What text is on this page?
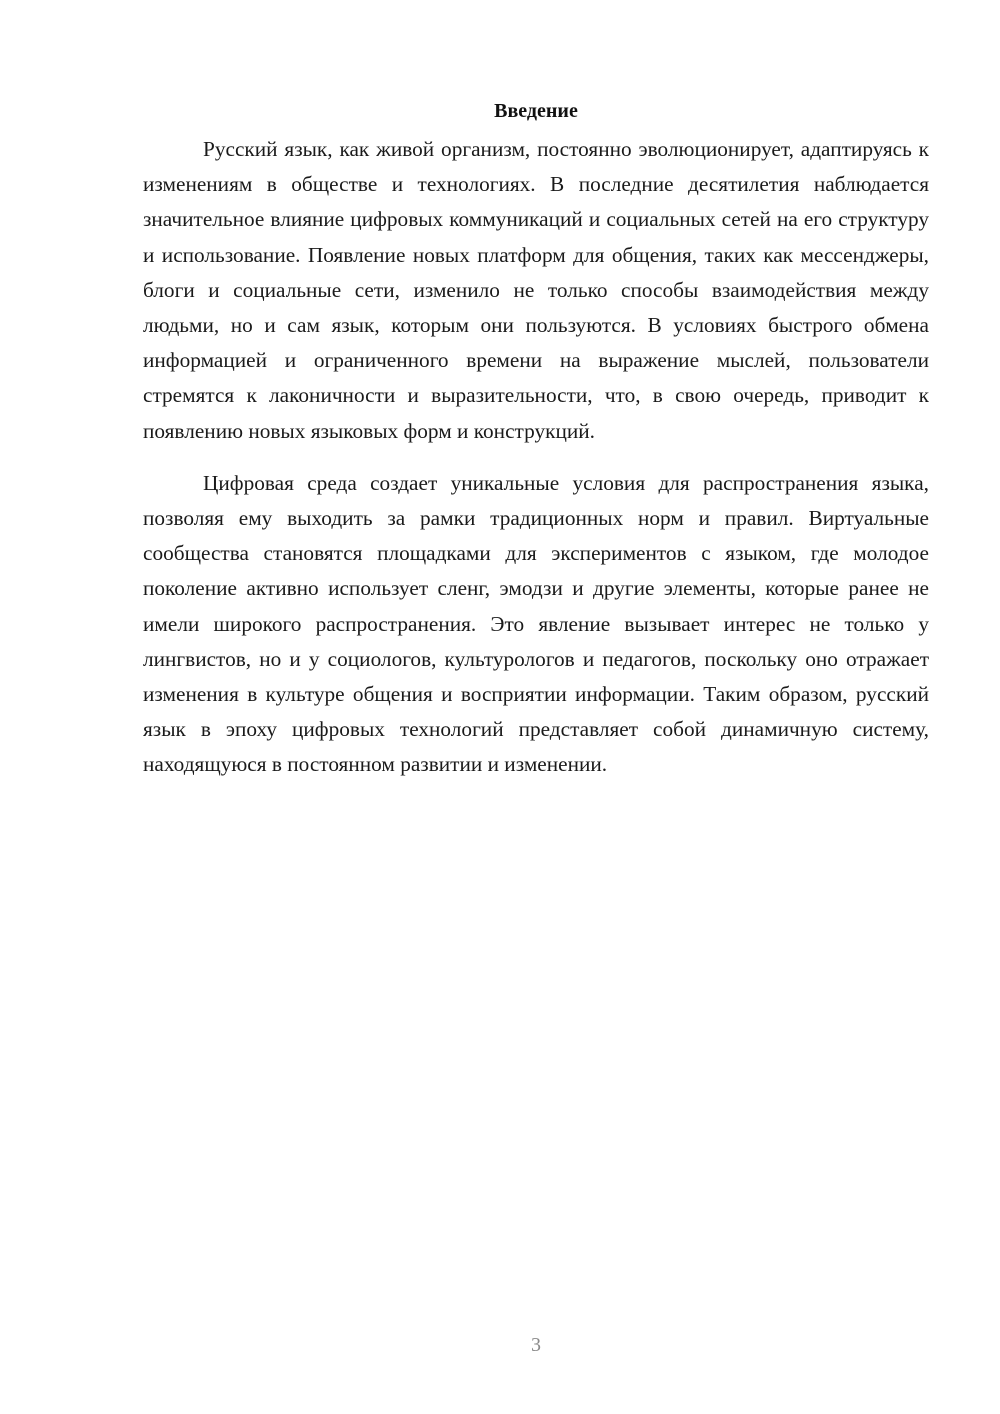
Введение

Русский язык, как живой организм, постоянно эволюционирует, адаптируясь к изменениям в обществе и технологиях. В последние десятилетия наблюдается значительное влияние цифровых коммуникаций и социальных сетей на его структуру и использование. Появление новых платформ для общения, таких как мессенджеры, блоги и социальные сети, изменило не только способы взаимодействия между людьми, но и сам язык, которым они пользуются. В условиях быстрого обмена информацией и ограниченного времени на выражение мыслей, пользователи стремятся к лаконичности и выразительности, что, в свою очередь, приводит к появлению новых языковых форм и конструкций.

Цифровая среда создает уникальные условия для распространения языка, позволяя ему выходить за рамки традиционных норм и правил. Виртуальные сообщества становятся площадками для экспериментов с языком, где молодое поколение активно использует сленг, эмодзи и другие элементы, которые ранее не имели широкого распространения. Это явление вызывает интерес не только у лингвистов, но и у социологов, культурологов и педагогов, поскольку оно отражает изменения в культуре общения и восприятии информации. Таким образом, русский язык в эпоху цифровых технологий представляет собой динамичную систему, находящуюся в постоянном развитии и изменении.

3
